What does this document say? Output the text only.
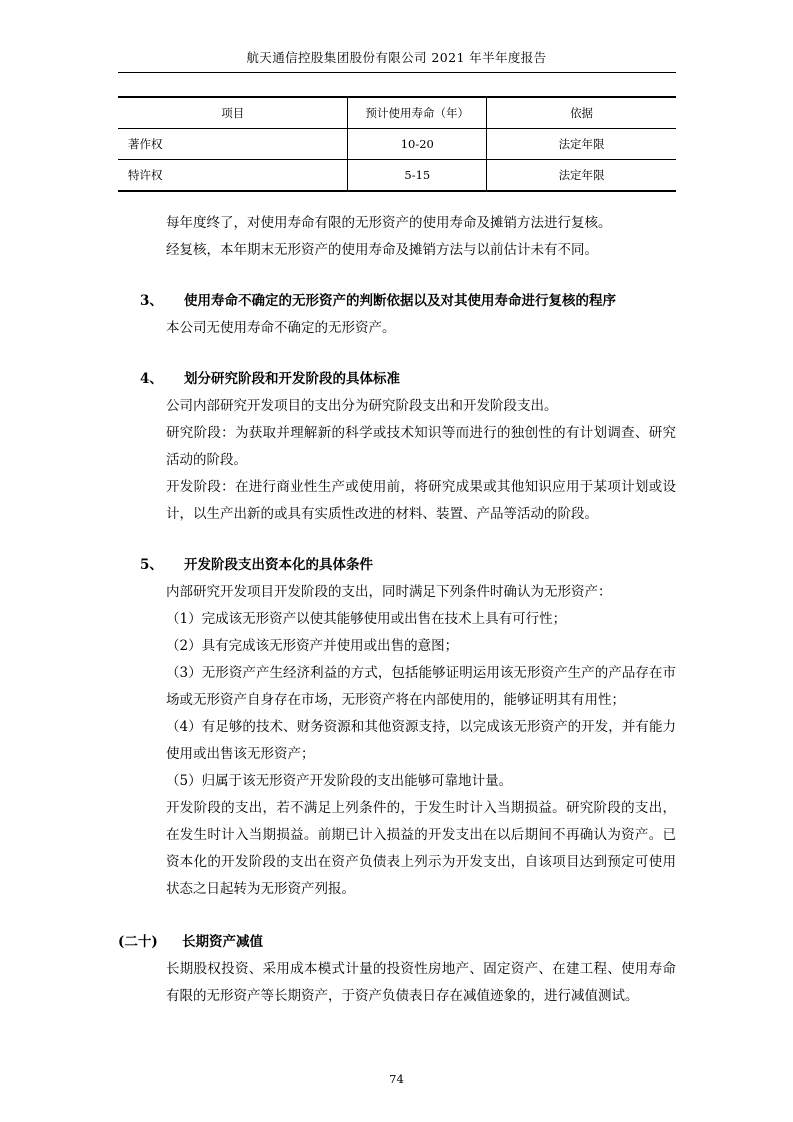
航天通信控股集团股份有限公司 2021 年半年度报告
项目	预计使用寿命（年）	依据
著作权	10-20	法定年限
特许权	5-15	法定年限
每年度终了，对使用寿命有限的无形资产的使用寿命及摊销方法进行复核。
经复核，本年期末无形资产的使用寿命及摊销方法与以前估计未有不同。
3、 使用寿命不确定的无形资产的判断依据以及对其使用寿命进行复核的程序

本公司无使用寿命不确定的无形资产。

4、 划分研究阶段和开发阶段的具体标准

公司内部研究开发项目的支出分为研究阶段支出和开发阶段支出。

研究阶段：为获取并理解新的科学或技术知识等而进行的独创性的有计划调查、研究活动的阶段。

开发阶段：在进行商业性生产或使用前，将研究成果或其他知识应用于某项计划或设计，以生产出新的或具有实质性改进的材料、装置、产品等活动的阶段。

5、 开发阶段支出资本化的具体条件

内部研究开发项目开发阶段的支出，同时满足下列条件时确认为无形资产：

（1）完成该无形资产以使其能够使用或出售在技术上具有可行性；

（2）具有完成该无形资产并使用或出售的意图；

（3）无形资产产生经济利益的方式，包括能够证明运用该无形资产生产的产品存在市场或无形资产自身存在市场，无形资产将在内部使用的，能够证明其有用性；

（4）有足够的技术、财务资源和其他资源支持，以完成该无形资产的开发，并有能力使用或出售该无形资产；

（5）归属于该无形资产开发阶段的支出能够可靠地计量。

开发阶段的支出，若不满足上列条件的，于发生时计入当期损益。研究阶段的支出，在发生时计入当期损益。前期已计入损益的开发支出在以后期间不再确认为资产。已资本化的开发阶段的支出在资产负债表上列示为开发支出，自该项目达到预定可使用状态之日起转为无形资产列报。

(二十) 长期资产减值

长期股权投资、采用成本模式计量的投资性房地产、固定资产、在建工程、使用寿命有限的无形资产等长期资产，于资产负债表日存在减值迹象的，进行减值测试。

74
